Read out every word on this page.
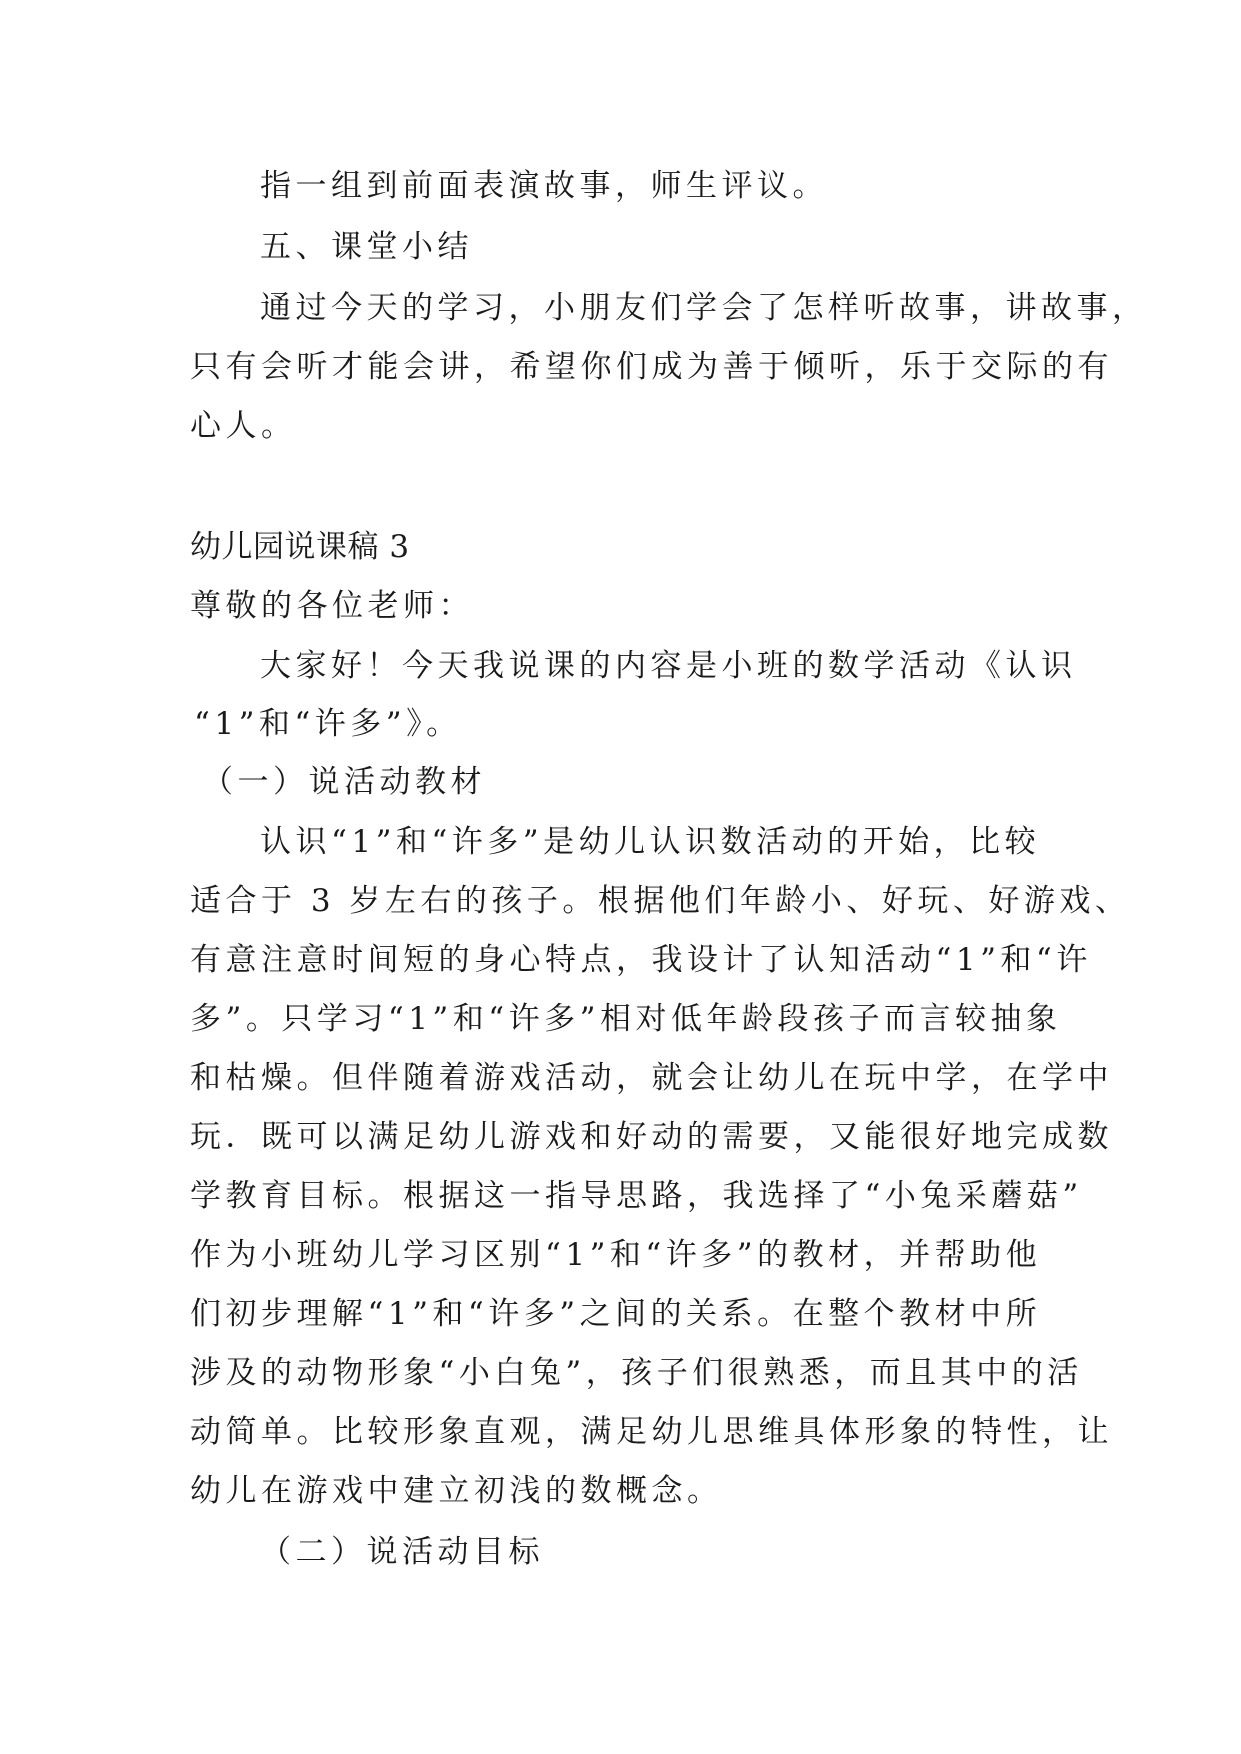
指一组到前面表演故事，师生评议。
五、课堂小结
通过今天的学习，小朋友们学会了怎样听故事，讲故事，
只有会听才能会讲，希望你们成为善于倾听，乐于交际的有
心人。
幼儿园说课稿 3
尊敬的各位老师：
大家好！今天我说课的内容是小班的数学活动《认识
“1”和“许多”》。
（一）说活动教材
认识“1”和“许多”是幼儿认识数活动的开始，比较
适合于 3 岁左右的孩子。根据他们年龄小、好玩、好游戏、
有意注意时间短的身心特点，我设计了认知活动“1”和“许
多”。只学习“1”和“许多”相对低年龄段孩子而言较抽象
和枯燥。但伴随着游戏活动，就会让幼儿在玩中学，在学中
玩．既可以满足幼儿游戏和好动的需要，又能很好地完成数
学教育目标。根据这一指导思路，我选择了“小兔采蘑菇”
作为小班幼儿学习区别“1”和“许多”的教材，并帮助他
们初步理解“1”和“许多”之间的关系。在整个教材中所
涉及的动物形象“小白兔”，孩子们很熟悉，而且其中的活
动简单。比较形象直观，满足幼儿思维具体形象的特性，让
幼儿在游戏中建立初浅的数概念。
（二）说活动目标
